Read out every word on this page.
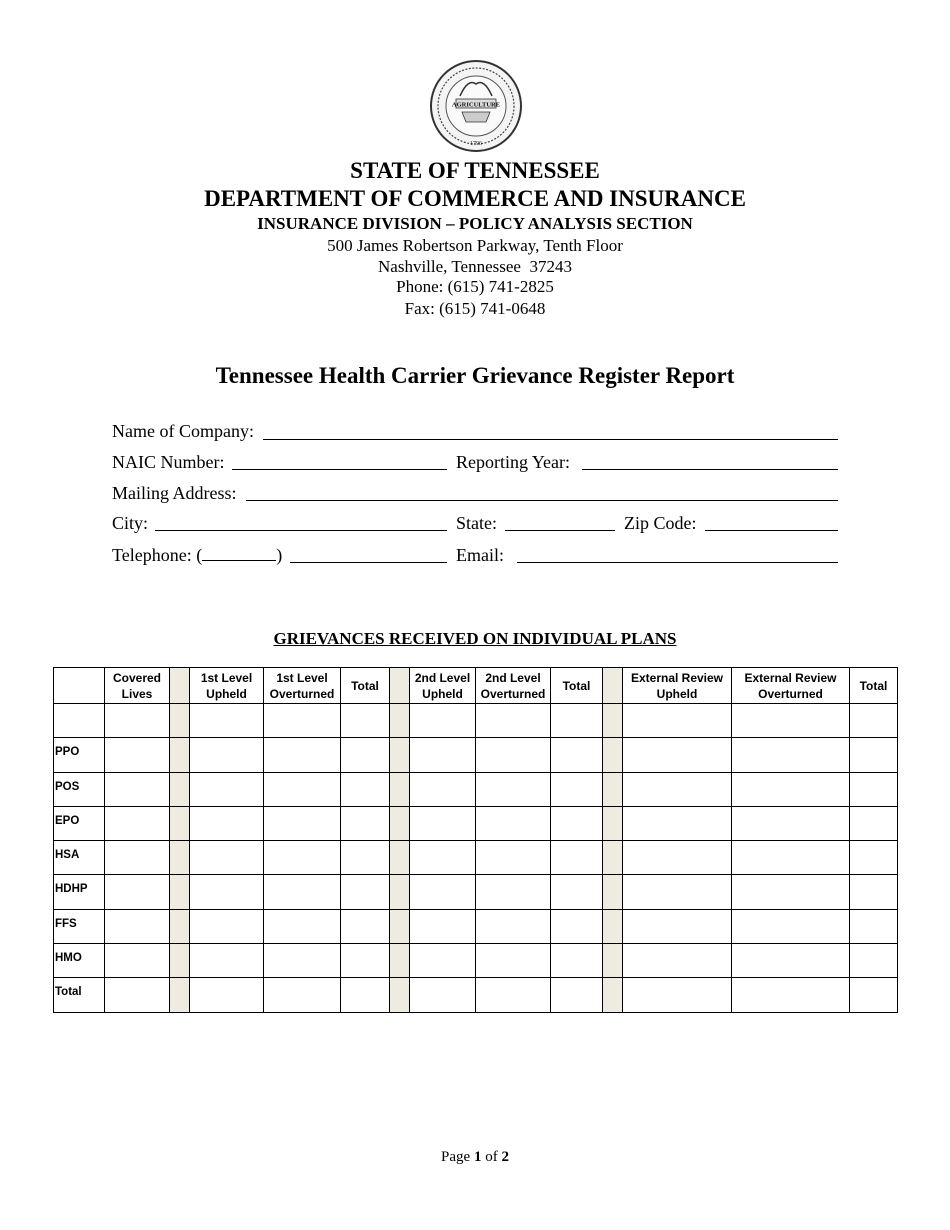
AGRICULTURE
1796
STATE OF TENNESSEE
DEPARTMENT OF COMMERCE AND INSURANCE
INSURANCE DIVISION – POLICY ANALYSIS SECTION
500 James Robertson Parkway, Tenth Floor
Nashville, Tennessee  37243
Phone: (615) 741-2825
Fax: (615) 741-0648
Tennessee Health Carrier Grievance Register Report
Name of Company:
NAIC Number:	Reporting Year:
Mailing Address:
City:	State:	Zip Code:
Telephone: (	)	Email:
GRIEVANCES RECEIVED ON INDIVIDUAL PLANS
	Covered Lives		1st Level Upheld	1st Level Overturned	Total		2nd Level Upheld	2nd Level Overturned	Total		External Review Upheld	External Review Overturned	Total

PPO													
POS													
EPO													
HSA													
HDHP													
FFS													
HMO													
Total													
Page 1 of 2
